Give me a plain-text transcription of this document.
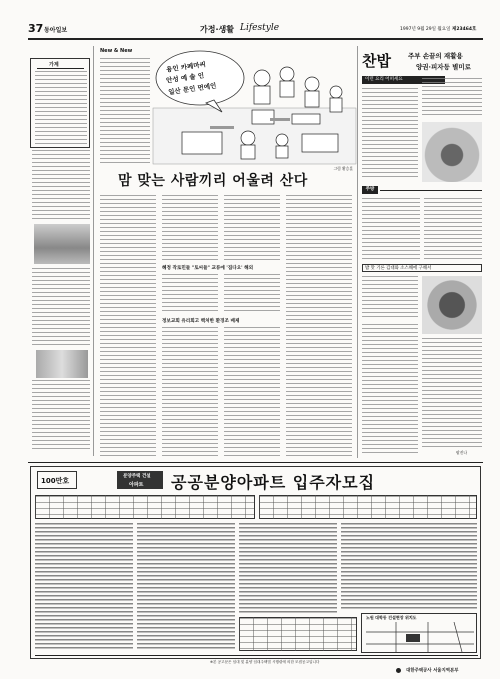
37 동아일보	가정·생활 Lifestyle	1997년 9월 29일 월요일 제23464호
가계
New & New
용인 카페마씨
안성 예 솔 인
일산 문인 먼에인
그림 황승훈
맘 맞는 사람끼리 어울려 산다
혜정 작로민들 "토씨들" 교류에 '집다오' 해외
정보교회 유리회고 백처한 환경조 배제
찬밥	주부 손끝의 재활용
양권·피자등 별미로
이런 요리 어떠세요
주방
밥 맛 기른 김대와 소스해에 구해서
팔진나
100만호
분양주택 건설
아파트 공공분양아파트 입주자모집
노원 대학동 건설현장 위치도
※본 공고문은 임대 및 분양 임대주택법 시행령에 의한 모집공고입니다
대한주택공사 서울지역본부
